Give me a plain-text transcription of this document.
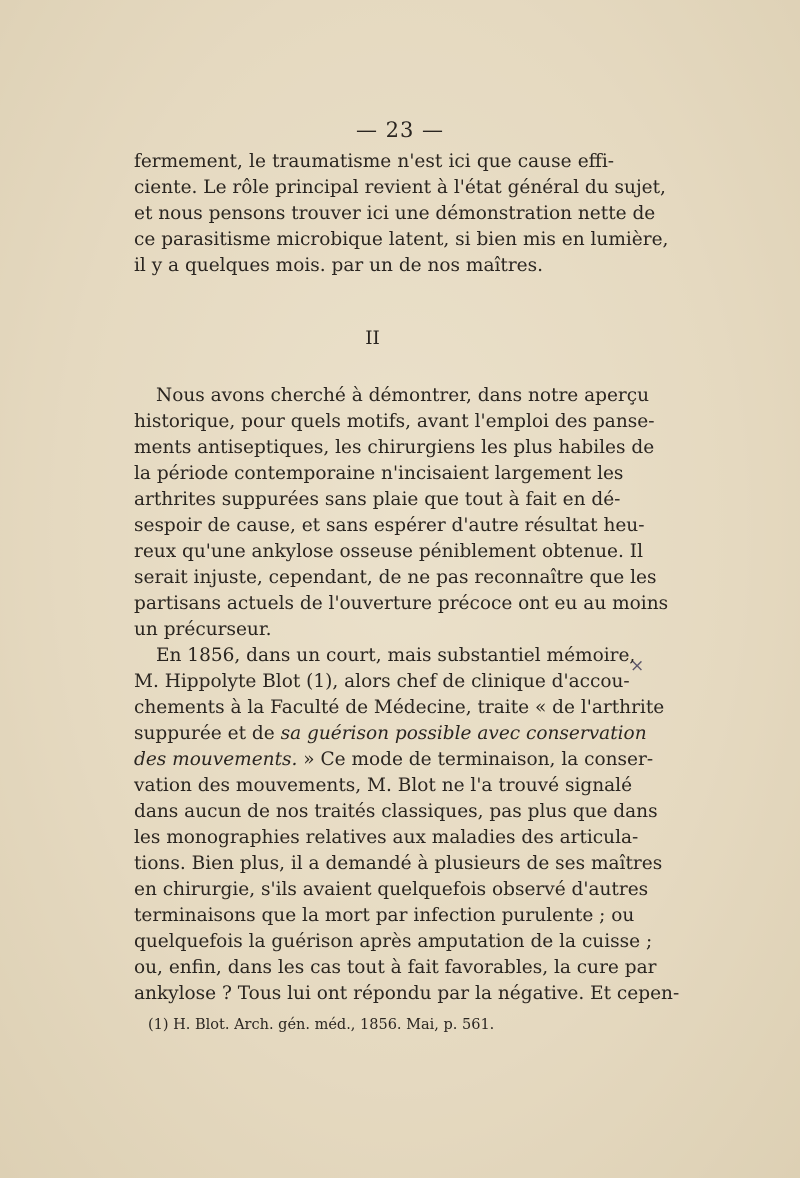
— 23 —
fermement, le traumatisme n'est ici que cause effi-
ciente. Le rôle principal revient à l'état général du sujet,
et nous pensons trouver ici une démonstration nette de
ce parasitisme microbique latent, si bien mis en lumière,
il y a quelques mois. par un de nos maîtres.
II
Nous avons cherché à démontrer, dans notre aperçu
historique, pour quels motifs, avant l'emploi des panse-
ments antiseptiques, les chirurgiens les plus habiles de
la période contemporaine n'incisaient largement les
arthrites suppurées sans plaie que tout à fait en dé-
sespoir de cause, et sans espérer d'autre résultat heu-
reux qu'une ankylose osseuse péniblement obtenue. Il
serait injuste, cependant, de ne pas reconnaître que les
partisans actuels de l'ouverture précoce ont eu au moins
un précurseur.
En 1856, dans un court, mais substantiel mémoire,
M. Hippolyte Blot (1), alors chef de clinique d'accou-
chements à la Faculté de Médecine, traite « de l'arthrite
suppurée et de sa guérison possible avec conservation
des mouvements. » Ce mode de terminaison, la conser-
vation des mouvements, M. Blot ne l'a trouvé signalé
dans aucun de nos traités classiques, pas plus que dans
les monographies relatives aux maladies des articula-
tions. Bien plus, il a demandé à plusieurs de ses maîtres
en chirurgie, s'ils avaient quelquefois observé d'autres
terminaisons que la mort par infection purulente ; ou
quelquefois la guérison après amputation de la cuisse ;
ou, enfin, dans les cas tout à fait favorables, la cure par
ankylose ? Tous lui ont répondu par la négative. Et cepen-
×
(1) H. Blot. Arch. gén. méd., 1856. Mai, p. 561.
